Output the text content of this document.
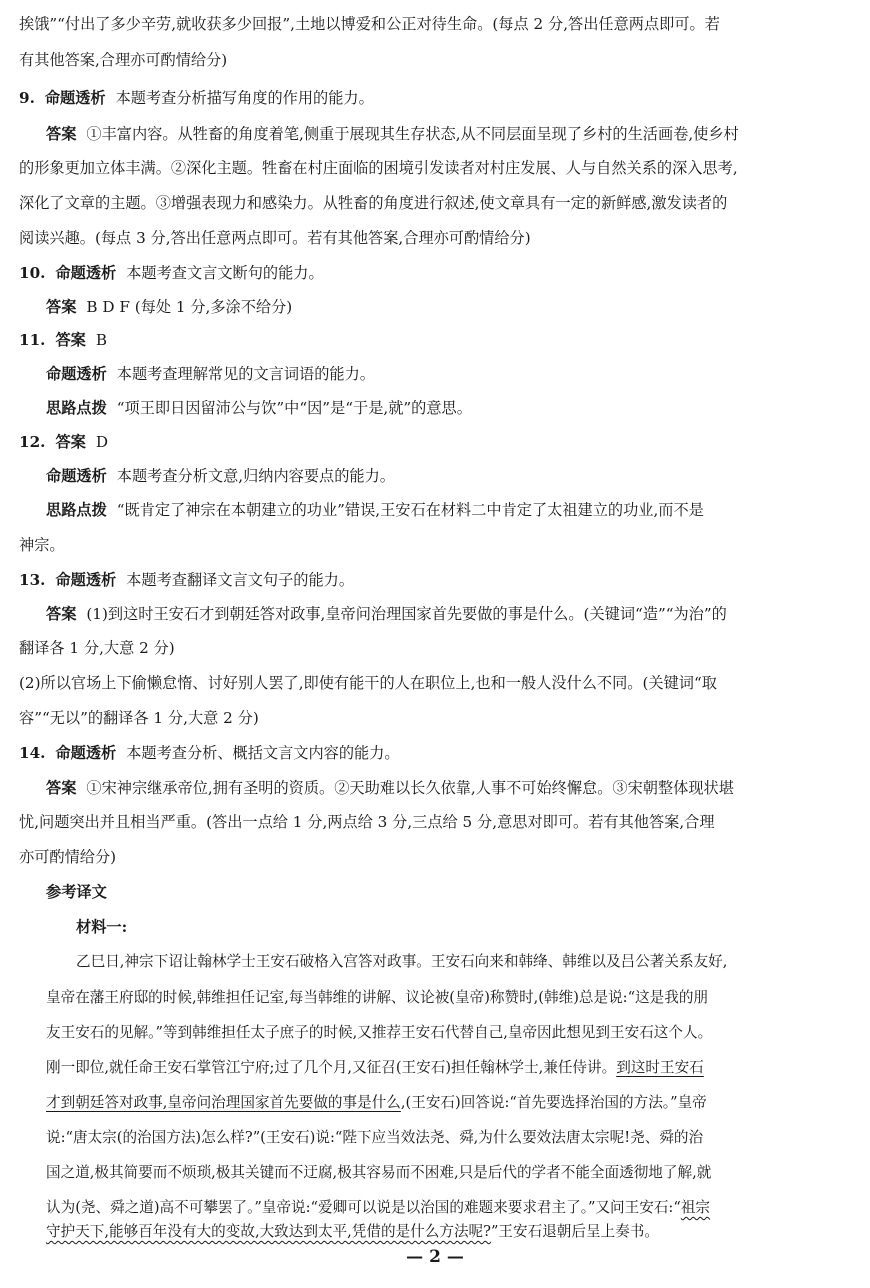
挨饿”“付出了多少辛劳,就收获多少回报”,土地以博爱和公正对待生命。(每点 2 分,答出任意两点即可。若
有其他答案,合理亦可酌情给分)
9. 命题透析 本题考查分析描写角度的作用的能力。
答案 ①丰富内容。从牲畜的角度着笔,侧重于展现其生存状态,从不同层面呈现了乡村的生活画卷,使乡村
的形象更加立体丰满。②深化主题。牲畜在村庄面临的困境引发读者对村庄发展、人与自然关系的深入思考,
深化了文章的主题。③增强表现力和感染力。从牲畜的角度进行叙述,使文章具有一定的新鲜感,激发读者的
阅读兴趣。(每点 3 分,答出任意两点即可。若有其他答案,合理亦可酌情给分)
10. 命题透析 本题考查文言文断句的能力。
答案 B D F (每处 1 分,多涂不给分)
11. 答案 B
命题透析 本题考查理解常见的文言词语的能力。
思路点拨 “项王即日因留沛公与饮”中“因”是“于是,就”的意思。
12. 答案 D
命题透析 本题考查分析文意,归纳内容要点的能力。
思路点拨 “既肯定了神宗在本朝建立的功业”错误,王安石在材料二中肯定了太祖建立的功业,而不是
神宗。
13. 命题透析 本题考查翻译文言文句子的能力。
答案 (1)到这时王安石才到朝廷答对政事,皇帝问治理国家首先要做的事是什么。(关键词“造”“为治”的
翻译各 1 分,大意 2 分)
(2)所以官场上下偷懒怠惰、讨好别人罢了,即使有能干的人在职位上,也和一般人没什么不同。(关键词“取
容”“无以”的翻译各 1 分,大意 2 分)
14. 命题透析 本题考查分析、概括文言文内容的能力。
答案 ①宋神宗继承帝位,拥有圣明的资质。②天助难以长久依靠,人事不可始终懈怠。③宋朝整体现状堪
忧,问题突出并且相当严重。(答出一点给 1 分,两点给 3 分,三点给 5 分,意思对即可。若有其他答案,合理
亦可酌情给分)
参考译文
材料一:
乙巳日,神宗下诏让翰林学士王安石破格入宫答对政事。王安石向来和韩绛、韩维以及吕公著关系友好,
皇帝在藩王府邸的时候,韩维担任记室,每当韩维的讲解、议论被(皇帝)称赞时,(韩维)总是说:“这是我的朋
友王安石的见解。”等到韩维担任太子庶子的时候,又推荐王安石代替自己,皇帝因此想见到王安石这个人。
刚一即位,就任命王安石掌管江宁府;过了几个月,又征召(王安石)担任翰林学士,兼任侍讲。到这时王安石
才到朝廷答对政事,皇帝问治理国家首先要做的事是什么,(王安石)回答说:“首先要选择治国的方法。”皇帝
说:“唐太宗(的治国方法)怎么样?”(王安石)说:“陛下应当效法尧、舜,为什么要效法唐太宗呢!尧、舜的治
国之道,极其简要而不烦琐,极其关键而不迂腐,极其容易而不困难,只是后代的学者不能全面透彻地了解,就
认为(尧、舜之道)高不可攀罢了。”皇帝说:“爱卿可以说是以治国的难题来要求君主了。”又问王安石:“祖宗
守护天下,能够百年没有大的变故,大致达到太平,凭借的是什么方法呢?”王安石退朝后呈上奏书。
— 2 —
